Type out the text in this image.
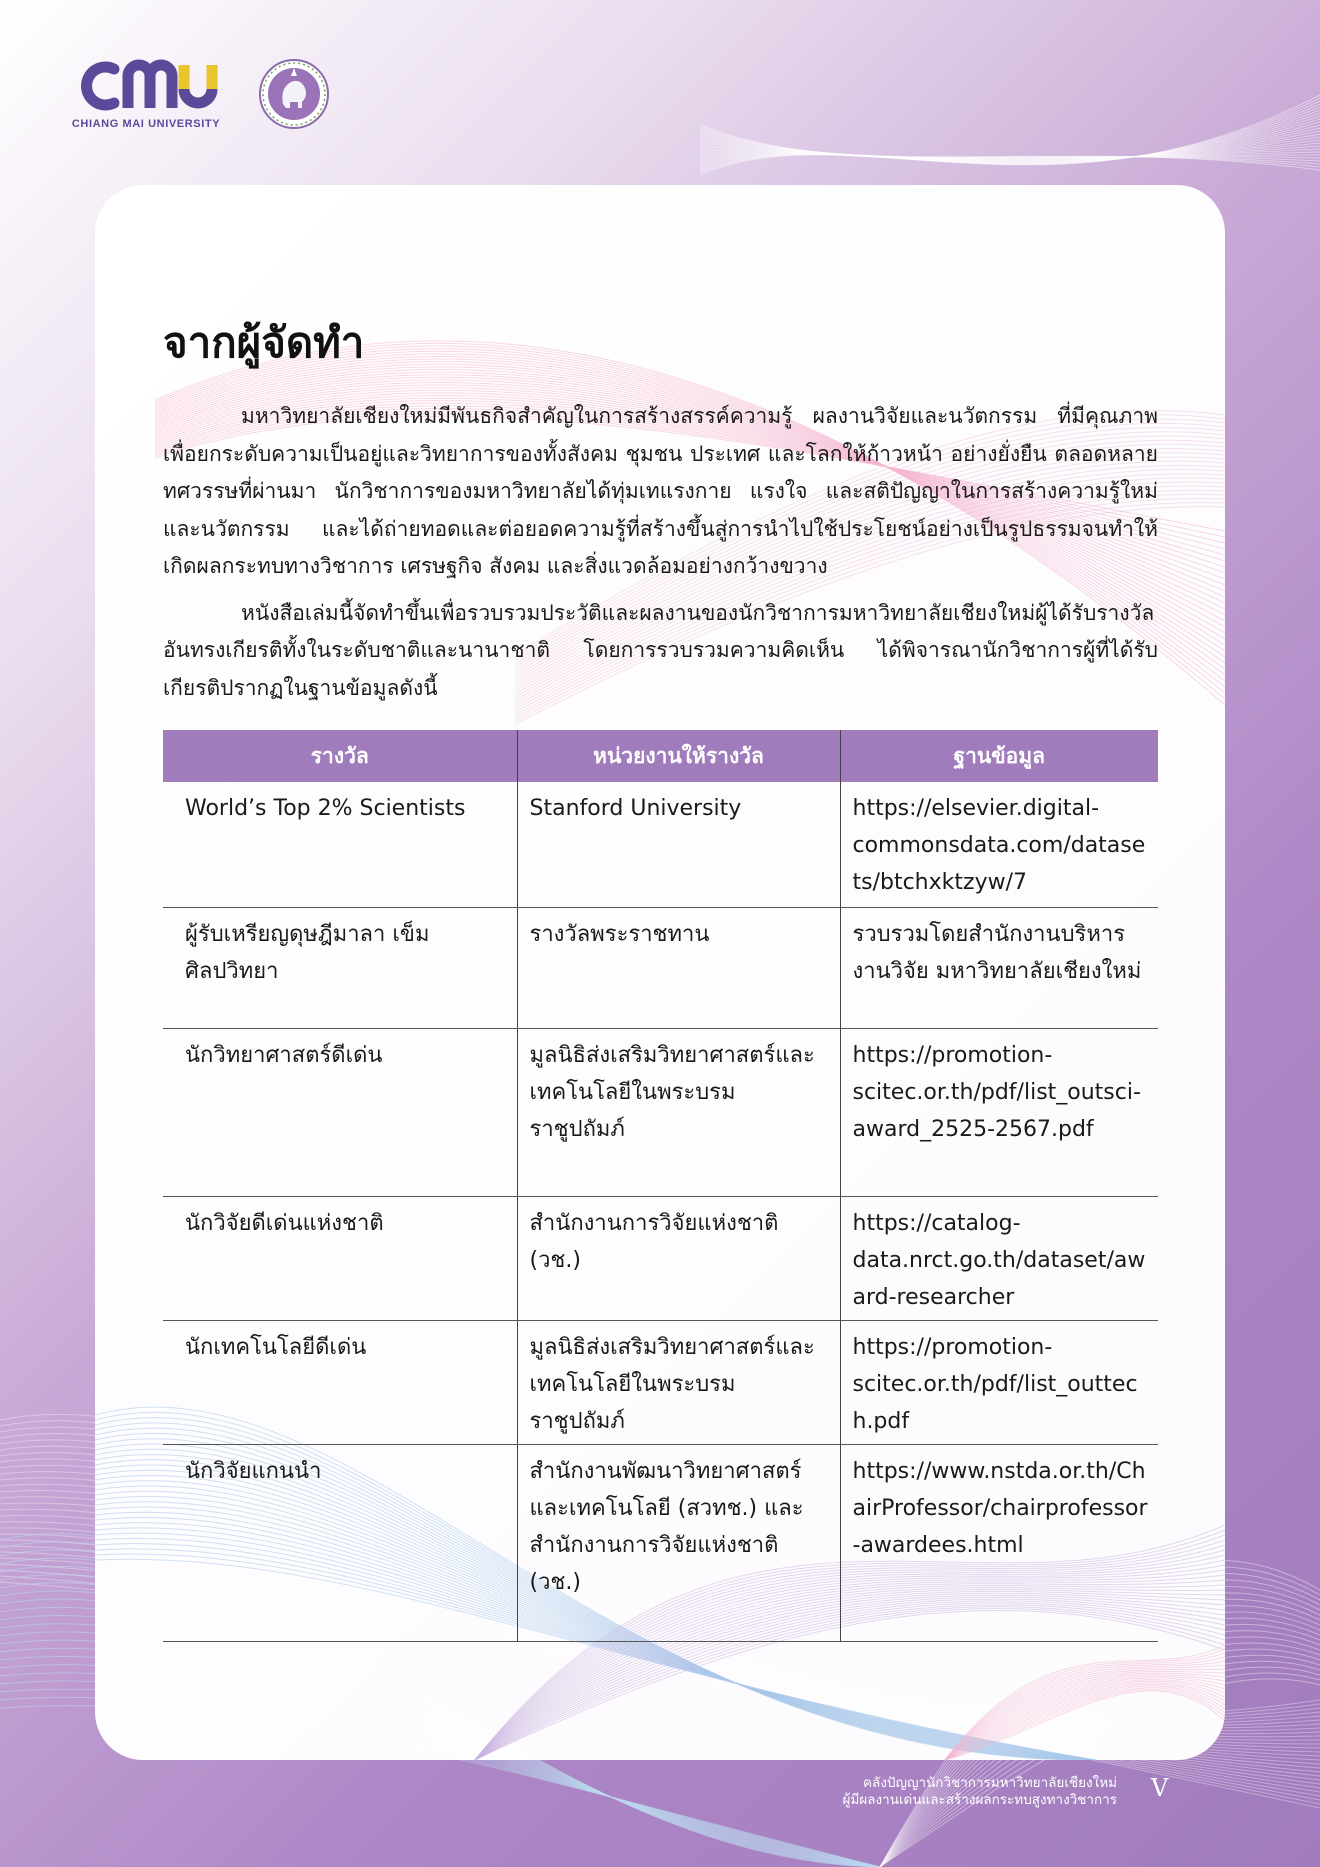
CHIANG MAI UNIVERSITY
จากผู้จัดทำ

มหาวิทยาลัยเชียงใหม่มีพันธกิจสำคัญในการสร้างสรรค์ความรู้ ผลงานวิจัยและนวัตกรรม ที่มีคุณภาพเพื่อยกระดับความเป็นอยู่และวิทยาการของทั้งสังคม ชุมชน ประเทศ และโลกให้ก้าวหน้า อย่างยั่งยืน ตลอดหลายทศวรรษที่ผ่านมา นักวิชาการของมหาวิทยาลัยได้ทุ่มเทแรงกาย แรงใจ และสติปัญญาในการสร้างความรู้ใหม่และนวัตกรรม และได้ถ่ายทอดและต่อยอดความรู้ที่สร้างขึ้นสู่การนำไปใช้ประโยชน์อย่างเป็นรูปธรรมจนทำให้เกิดผลกระทบทางวิชาการ เศรษฐกิจ สังคม และสิ่งแวดล้อมอย่างกว้างขวาง

หนังสือเล่มนี้จัดทำขึ้นเพื่อรวบรวมประวัติและผลงานของนักวิชาการมหาวิทยาลัยเชียงใหม่ผู้ได้รับรางวัลอันทรงเกียรติทั้งในระดับชาติและนานาชาติ โดยการรวบรวมความคิดเห็น ได้พิจารณานักวิชาการผู้ที่ได้รับเกียรติปรากฏในฐานข้อมูลดังนี้

รางวัล	หน่วยงานให้รางวัล	ฐานข้อมูล
World’s Top 2% Scientists	Stanford University	https://elsevier.digital-commonsdata.com/datasets/btchxktzyw/7
ผู้รับเหรียญดุษฎีมาลา เข็มศิลปวิทยา	รางวัลพระราชทาน	รวบรวมโดยสำนักงานบริหารงานวิจัย มหาวิทยาลัยเชียงใหม่
นักวิทยาศาสตร์ดีเด่น	มูลนิธิส่งเสริมวิทยาศาสตร์และเทคโนโลยีในพระบรมราชูปถัมภ์	https://promotion-scitec.or.th/pdf/list_outsci-award_2525-2567.pdf
นักวิจัยดีเด่นแห่งชาติ	สำนักงานการวิจัยแห่งชาติ (วช.)	https://catalog-data.nrct.go.th/dataset/award-researcher
นักเทคโนโลยีดีเด่น	มูลนิธิส่งเสริมวิทยาศาสตร์และเทคโนโลยีในพระบรมราชูปถัมภ์	https://promotion-scitec.or.th/pdf/list_outtech.pdf
นักวิจัยแกนนำ	สำนักงานพัฒนาวิทยาศาสตร์และเทคโนโลยี (สวทช.) และสำนักงานการวิจัยแห่งชาติ (วช.)	https://www.nstda.or.th/ChairProfessor/chairprofessor-awardees.html
คลังปัญญานักวิชาการมหาวิทยาลัยเชียงใหม่
ผู้มีผลงานเด่นและสร้างผลกระทบสูงทางวิชาการ V
